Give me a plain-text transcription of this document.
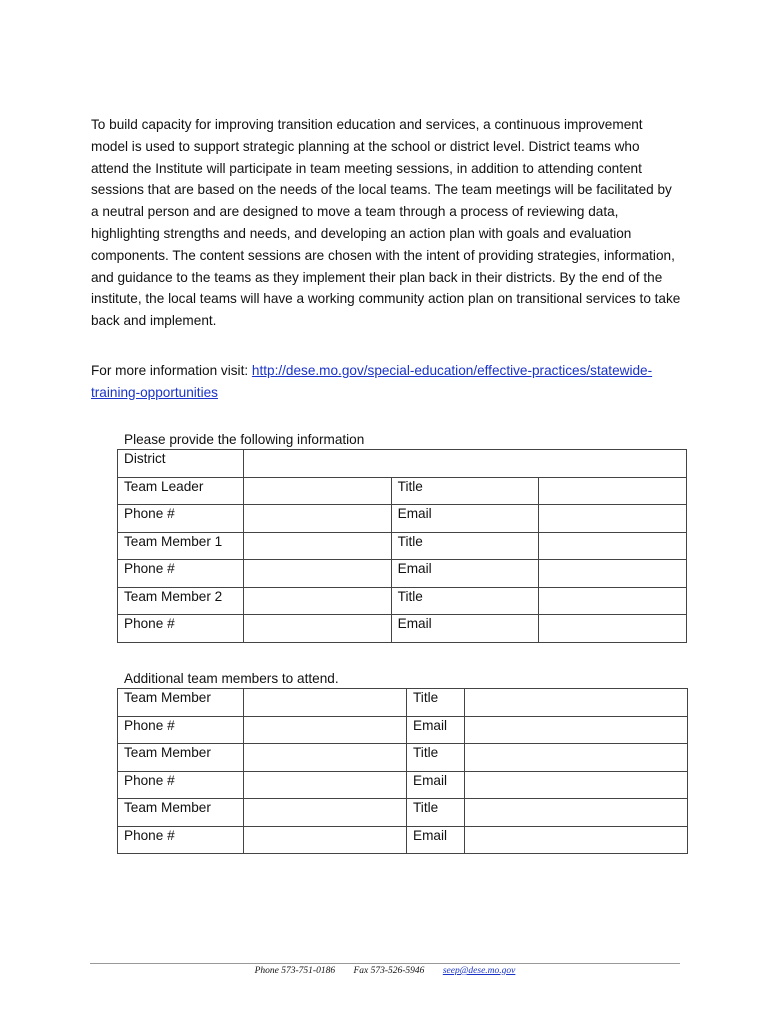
To build capacity for improving transition education and services, a continuous improvement model is used to support strategic planning at the school or district level. District teams who attend the Institute will participate in team meeting sessions, in addition to attending content sessions that are based on the needs of the local teams. The team meetings will be facilitated by a neutral person and are designed to move a team through a process of reviewing data, highlighting strengths and needs, and developing an action plan with goals and evaluation components. The content sessions are chosen with the intent of providing strategies, information, and guidance to the teams as they implement their plan back in their districts. By the end of the institute, the local teams will have a working community action plan on transitional services to take back and implement.

For more information visit: http://dese.mo.gov/special-education/effective-practices/statewide-training-opportunities

Please provide the following information

District			
Team Leader		Title	
Phone #		Email	
Team Member 1		Title	
Phone #		Email	
Team Member 2		Title	
Phone #		Email	

Additional team members to attend.

Team Member		Title	
Phone #		Email	
Team Member		Title	
Phone #		Email	
Team Member		Title	
Phone #		Email	
Phone 573-751-0186 Fax 573-526-5946 seep@dese.mo.gov
